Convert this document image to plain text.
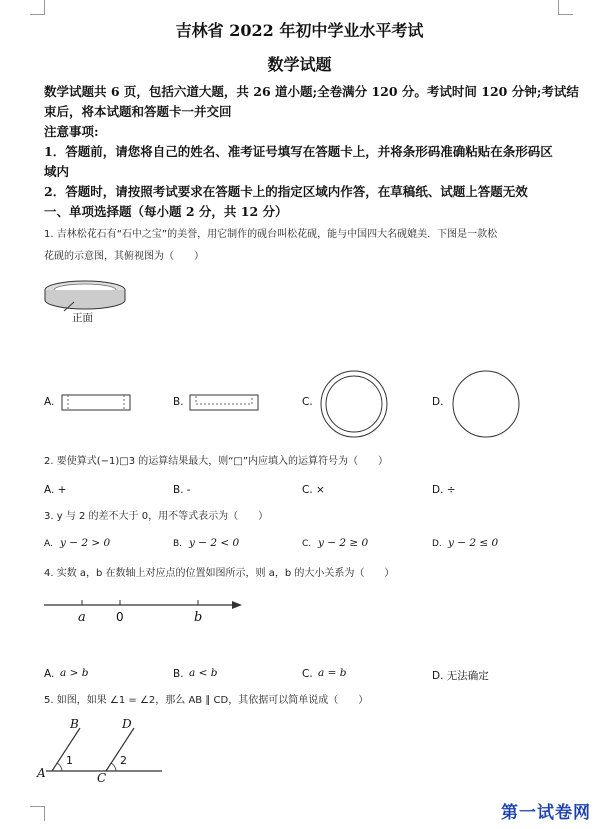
吉林省 2022 年初中学业水平考试
数学试题
数学试题共 6 页，包括六道大题，共 26 道小题;全卷满分 120 分。考试时间 120 分钟;考试结
束后，将本试题和答题卡一并交回
注意事项:
1．答题前，请您将自己的姓名、准考证号填写在答题卡上，并将条形码准确粘贴在条形码区
域内
2．答题时，请按照考试要求在答题卡上的指定区域内作答，在草稿纸、试题上答题无效
一、单项选择题（每小题 2 分，共 12 分）
1. 吉林松花石有“石中之宝”的美誉，用它制作的砚台叫松花砚，能与中国四大名砚媲美．下图是一款松
花砚的示意图，其俯视图为（　　）
正面
A.	B.	C.	D.
2. 要使算式(−1)□3 的运算结果最大，则“□”内应填入的运算符号为（　　）
A. +	B. -	C. ×	D. ÷
3. y 与 2 的差不大于 0，用不等式表示为（　　）
A. y − 2 > 0	B. y − 2 < 0	C. y − 2 ≥ 0	D. y − 2 ≤ 0
4. 实数 a，b 在数轴上对应点的位置如图所示，则 a，b 的大小关系为（　　）
a	0	b
A. a > b	B. a < b	C. a = b	D. 无法确定
5. 如图，如果 ∠1 = ∠2，那么 AB ∥ CD，其依据可以简单说成（　　）
A
B
C
D
1	2
第一试卷网
